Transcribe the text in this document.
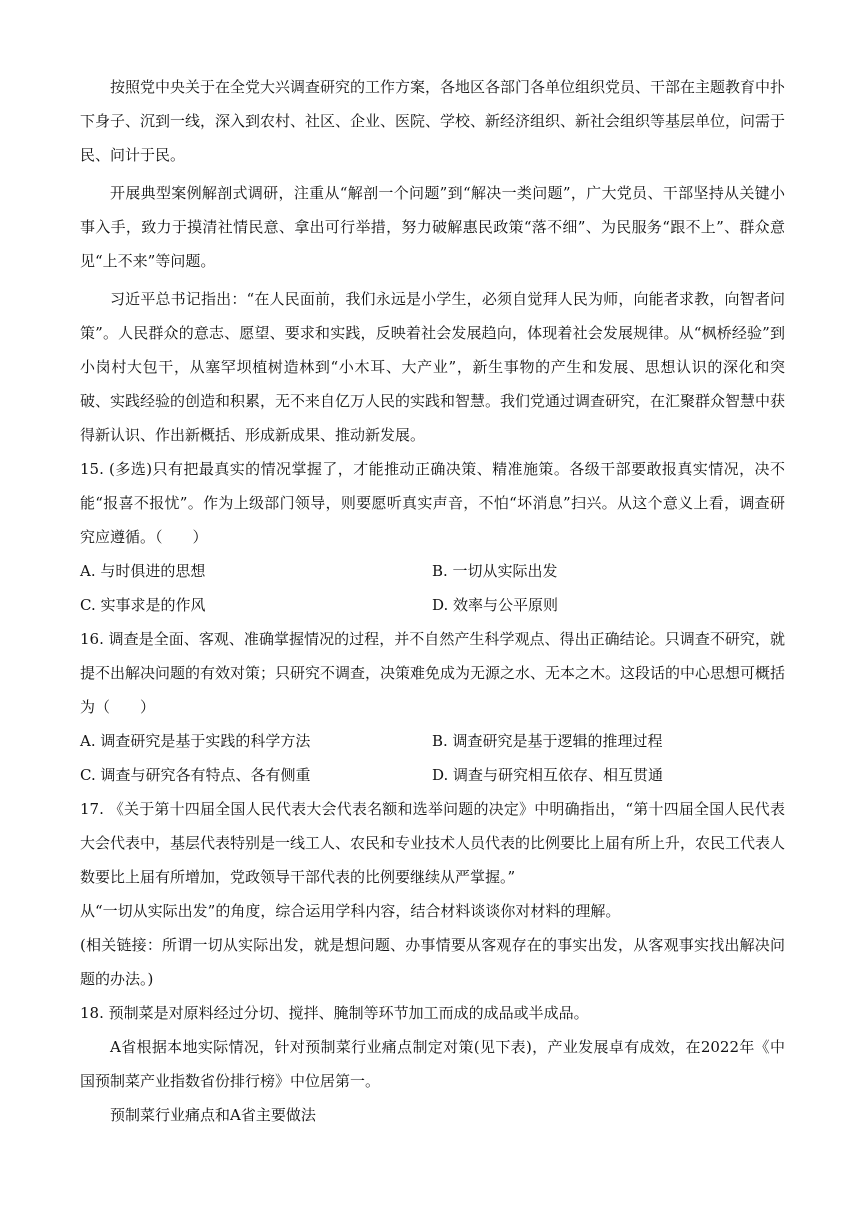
按照党中央关于在全党大兴调查研究的工作方案，各地区各部门各单位组织党员、干部在主题教育中扑下身子、沉到一线，深入到农村、社区、企业、医院、学校、新经济组织、新社会组织等基层单位，问需于民、问计于民。

开展典型案例解剖式调研，注重从“解剖一个问题”到“解决一类问题”，广大党员、干部坚持从关键小事入手，致力于摸清社情民意、拿出可行举措，努力破解惠民政策“落不细”、为民服务“跟不上”、群众意见“上不来”等问题。

习近平总书记指出：“在人民面前，我们永远是小学生，必须自觉拜人民为师，向能者求教，向智者问策”。人民群众的意志、愿望、要求和实践，反映着社会发展趋向，体现着社会发展规律。从“枫桥经验”到小岗村大包干，从塞罕坝植树造林到“小木耳、大产业”，新生事物的产生和发展、思想认识的深化和突破、实践经验的创造和积累，无不来自亿万人民的实践和智慧。我们党通过调查研究，在汇聚群众智慧中获得新认识、作出新概括、形成新成果、推动新发展。

15. (多选)只有把最真实的情况掌握了，才能推动正确决策、精准施策。各级干部要敢报真实情况，决不能“报喜不报忧”。作为上级部门领导，则要愿听真实声音，不怕“坏消息”扫兴。从这个意义上看，调查研究应遵循。（　　）

A. 与时俱进的思想	B. 一切从实际出发
C. 实事求是的作风	D. 效率与公平原则

16. 调查是全面、客观、准确掌握情况的过程，并不自然产生科学观点、得出正确结论。只调查不研究，就提不出解决问题的有效对策；只研究不调查，决策难免成为无源之水、无本之木。这段话的中心思想可概括为（　　）

A. 调查研究是基于实践的科学方法	B. 调查研究是基于逻辑的推理过程
C. 调查与研究各有特点、各有侧重	D. 调查与研究相互依存、相互贯通

17. 《关于第十四届全国人民代表大会代表名额和选举问题的决定》中明确指出，“第十四届全国人民代表大会代表中，基层代表特别是一线工人、农民和专业技术人员代表的比例要比上届有所上升，农民工代表人数要比上届有所增加，党政领导干部代表的比例要继续从严掌握。”

从“一切从实际出发”的角度，综合运用学科内容，结合材料谈谈你对材料的理解。

(相关链接：所谓一切从实际出发，就是想问题、办事情要从客观存在的事实出发，从客观事实找出解决问题的办法。)

18. 预制菜是对原料经过分切、搅拌、腌制等环节加工而成的成品或半成品。

A省根据本地实际情况，针对预制菜行业痛点制定对策(见下表)，产业发展卓有成效，在2022年《中国预制菜产业指数省份排行榜》中位居第一。

预制菜行业痛点和A省主要做法
